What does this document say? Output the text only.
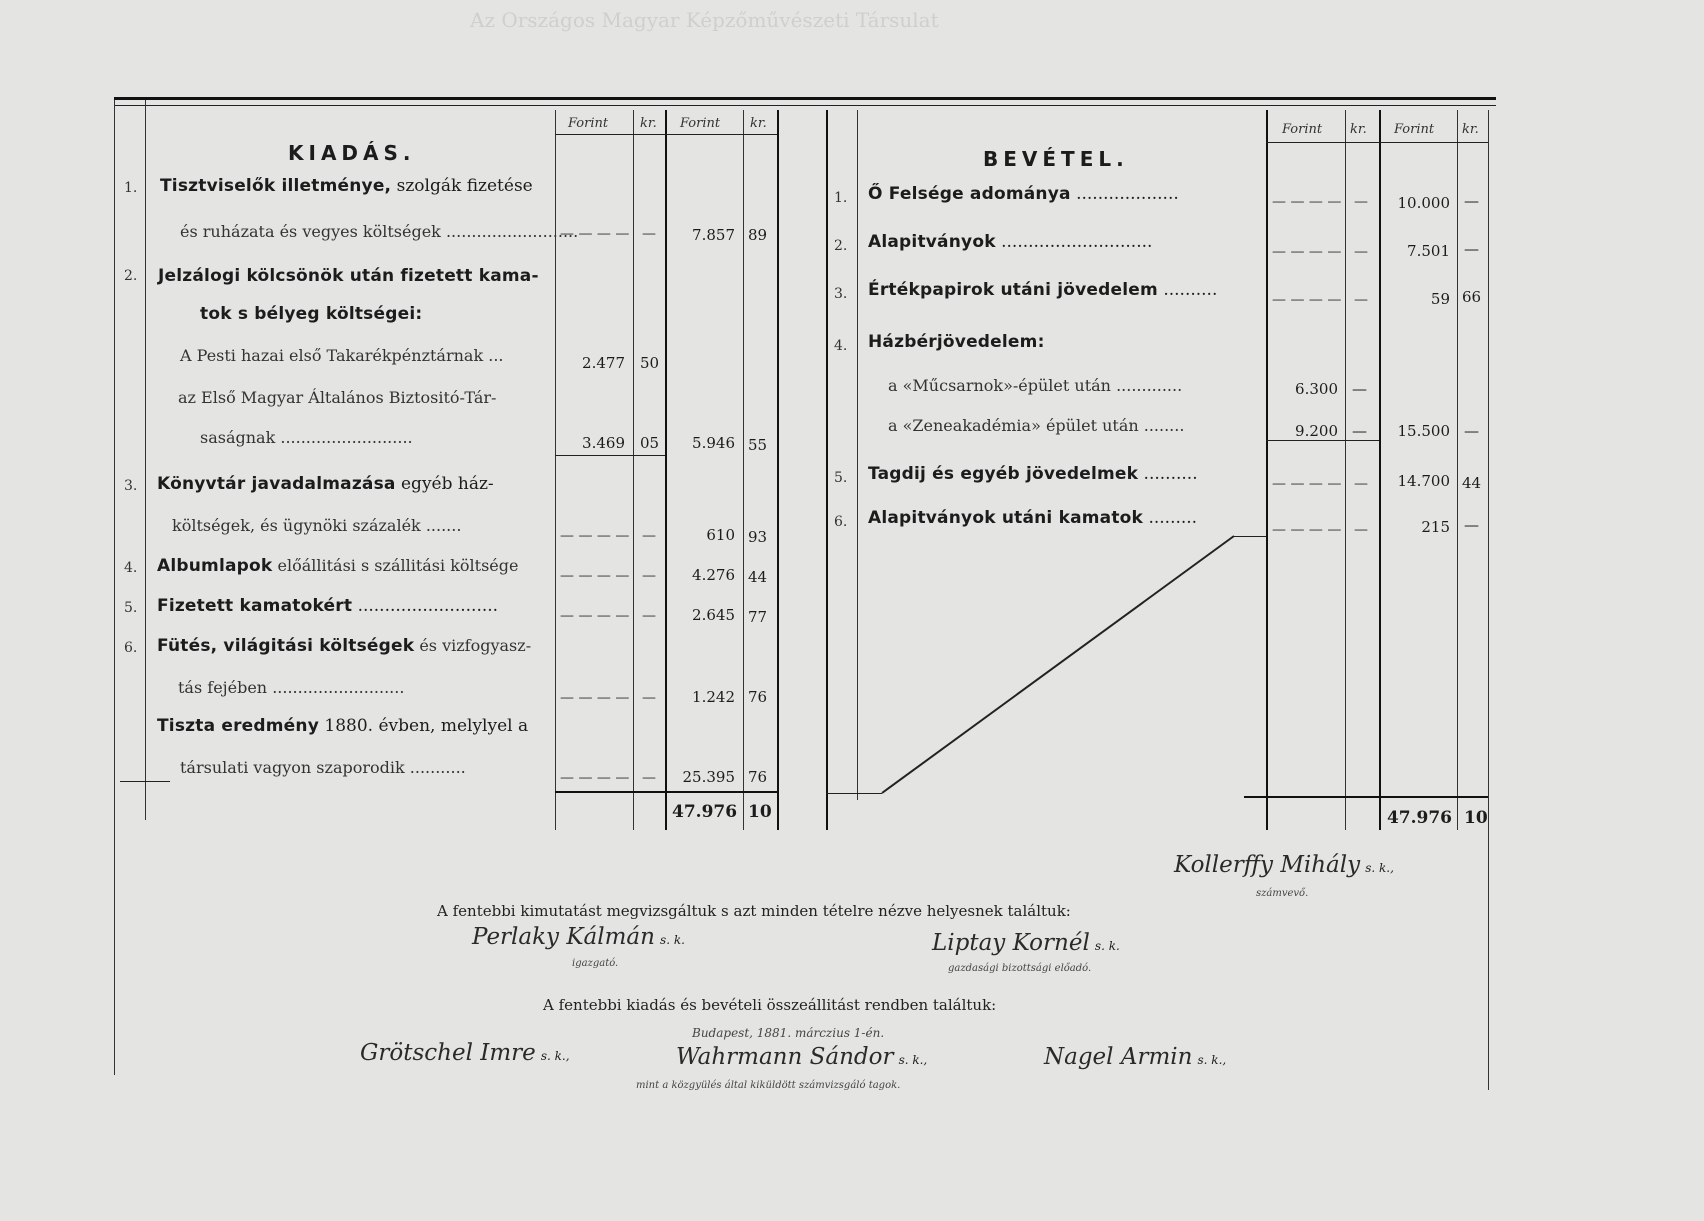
Az Országos Magyar Képzőművészeti Társulat
Forint kr. Forint kr.	Forint kr. Forint kr.
KIADÁS.	BEVÉTEL.
1. Tisztviselők illetménye, szolgák fizetése
és ruházata és vegyes költségek ..........................
— — — — —	7.857 89
2. Jelzálogi kölcsönök után fizetett kama-
tok s bélyeg költségei:
A Pesti hazai első Takarékpénztárnak ...	2.477 50
az Első Magyar Általános Biztositó-Tár-
saságnak ..........................	3.469 05	5.946 55
3. Könyvtár javadalmazása egyéb ház-
költségek, és ügynöki százalék .......
— — — — —	610 93
4. Albumlapok előállitási s szállitási költsége
— — — — —	4.276 44
5. Fizetett kamatokért ..........................	— — — — —	2.645 77
6. Fütés, világitási költségek és vizfogyasz-
tás fejében ..........................
— — — — —	1.242 76
Tiszta eredmény 1880. évben, melylyel a
társulati vagyon szaporodik ...........
— — — — —	25.395 76
47.976 10
1. Ő Felsége adománya ...................	— — — — —	10.000 —
2. Alapitványok ............................	— — — — —	7.501 —
3. Értékpapirok utáni jövedelem ..........	— — — — —	59 66
4. Házbérjövedelem:
a «Műcsarnok»-épület után .............	6.300 —
a «Zeneakadémia» épület után ........	9.200 —	15.500 —
5. Tagdij és egyéb jövedelmek ..........	— — — — —	14.700 44
6. Alapitványok utáni kamatok .........
— — — — —	215 —
47.976 10
Kollerffy Mihály s. k.,
számvevő.
A fentebbi kimutatást megvizsgáltuk s azt minden tételre nézve helyesnek találtuk:
Perlaky Kálmán s. k.
igazgató.
Liptay Kornél s. k.
gazdasági bizottsági előadó.
A fentebbi kiadás és bevételi összeállitást rendben találtuk:
Budapest, 1881. márczius 1-én.
Grötschel Imre s. k.,	Wahrmann Sándor s. k.,
mint a közgyülés által kiküldött számvizsgáló tagok.
Nagel Armin s. k.,
